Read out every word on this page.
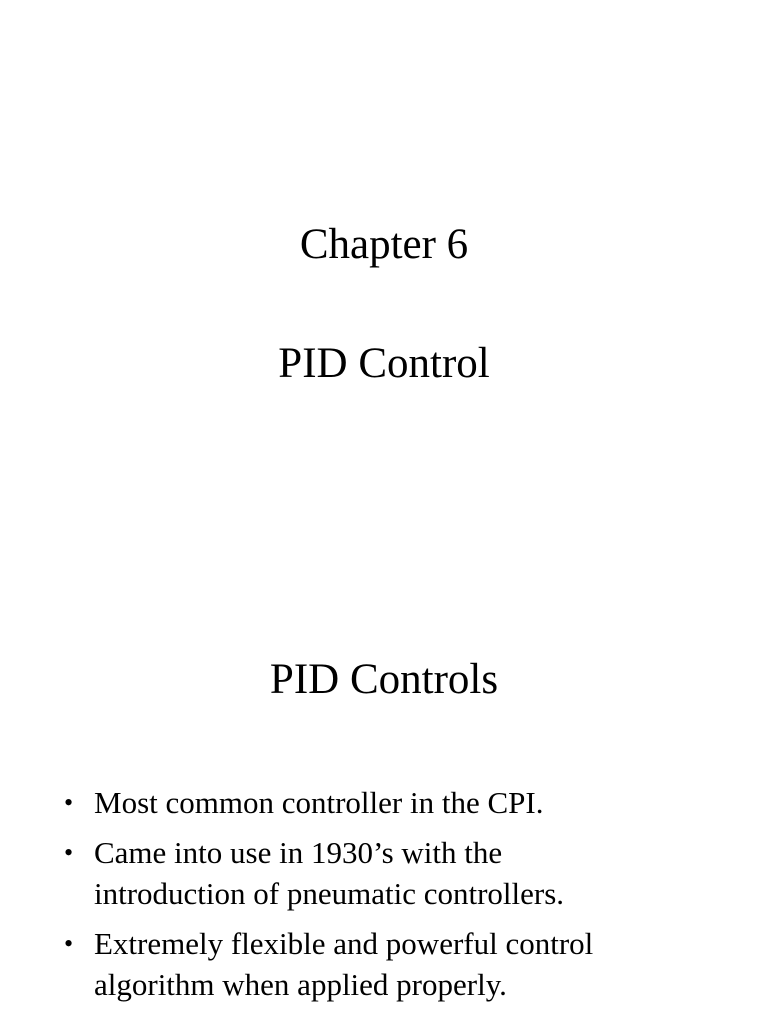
Chapter 6
PID Control
PID Controls
• Most common controller in the CPI.
• Came into use in 1930’s with the
introduction of pneumatic controllers.
• Extremely flexible and powerful control
algorithm when applied properly.
